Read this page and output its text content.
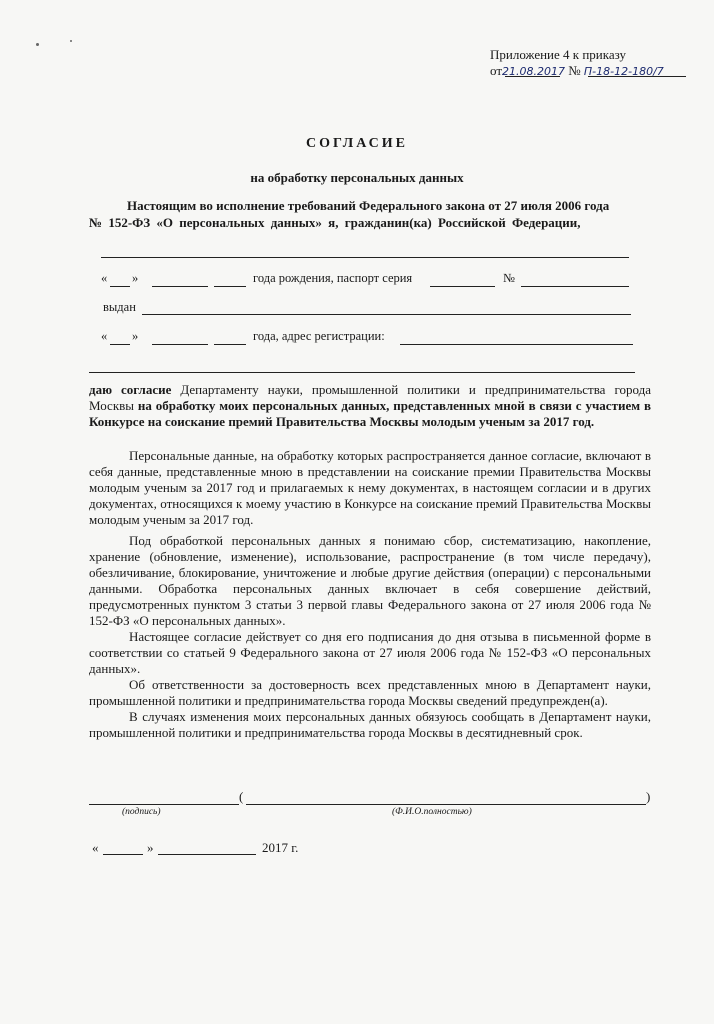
Приложение 4 к приказу
от21.08.2017 № П-18-12-180/7
СОГЛАСИЕ
на обработку персональных данных
Настоящим во исполнение требований Федерального закона от 27 июля 2006 года
№ 152-ФЗ «О персональных данных» я, гражданин(ка) Российской Федерации,
« »	года рождения, паспорт серия	№
выдан
« »	года, адрес регистрации:
даю согласие Департаменту науки, промышленной политики и предпринимательства города Москвы на обработку моих персональных данных, представленных мной в связи с участием в Конкурсе на соискание премий Правительства Москвы молодым ученым за 2017 год.
Персональные данные, на обработку которых распространяется данное согласие, включают в себя данные, представленные мною в представлении на соискание премии Правительства Москвы молодым ученым за 2017 год и прилагаемых к нему документах, в настоящем согласии и в других документах, относящихся к моему участию в Конкурсе на соискание премий Правительства Москвы молодым ученым за 2017 год.
Под обработкой персональных данных я понимаю сбор, систематизацию, накопление, хранение (обновление, изменение), использование, распространение (в том числе передачу), обезличивание, блокирование, уничтожение и любые другие действия (операции) с персональными данными. Обработка персональных данных включает в себя совершение действий, предусмотренных пунктом 3 статьи 3 первой главы Федерального закона от 27 июля 2006 года № 152-ФЗ «О персональных данных».
Настоящее согласие действует со дня его подписания до дня отзыва в письменной форме в соответствии со статьей 9 Федерального закона от 27 июля 2006 года № 152-ФЗ «О персональных данных».
Об ответственности за достоверность всех представленных мною в Департамент науки, промышленной политики и предпринимательства города Москвы сведений предупрежден(а).
В случаях изменения моих персональных данных обязуюсь сообщать в Департамент науки, промышленной политики и предпринимательства города Москвы в десятидневный срок.
(	)
(подпись)	(Ф.И.О.полностью)
«	»	2017 г.
